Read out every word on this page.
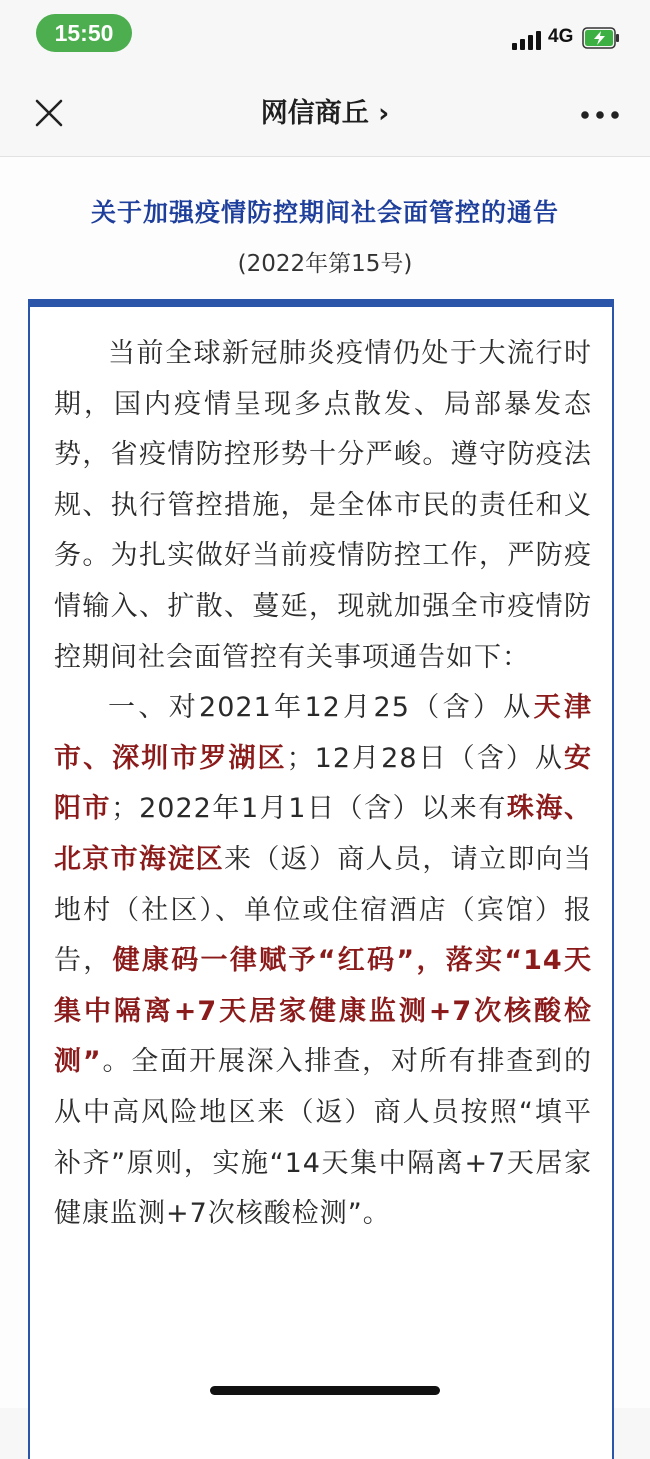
15:50	4G
网信商丘 ›
关于加强疫情防控期间社会面管控的通告
(2022年第15号)

当前全球新冠肺炎疫情仍处于大流行时期，国内疫情呈现多点散发、局部暴发态势，省疫情防控形势十分严峻。遵守防疫法规、执行管控措施，是全体市民的责任和义务。为扎实做好当前疫情防控工作，严防疫情输入、扩散、蔓延，现就加强全市疫情防控期间社会面管控有关事项通告如下：

一、对2021年12月25（含）从天津市、深圳市罗湖区；12月28日（含）从安阳市；2022年1月1日（含）以来有珠海、北京市海淀区来（返）商人员，请立即向当地村（社区）、单位或住宿酒店（宾馆）报告，健康码一律赋予“红码”，落实“14天集中隔离+7天居家健康监测+7次核酸检测”。全面开展深入排查，对所有排查到的从中高风险地区来（返）商人员按照“填平补齐”原则，实施“14天集中隔离+7天居家健康监测+7次核酸检测”。
